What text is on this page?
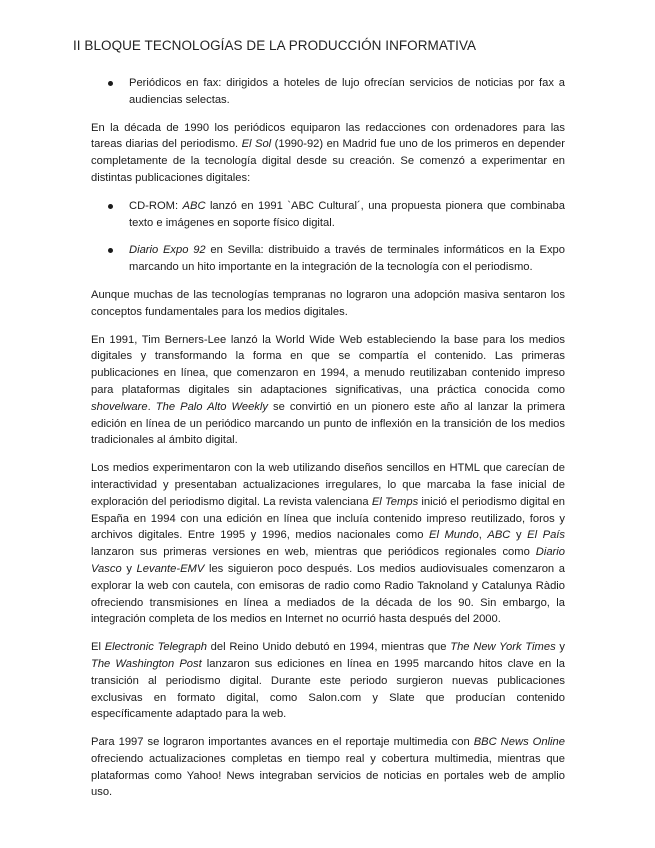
II BLOQUE TECNOLOGÍAS DE LA PRODUCCIÓN INFORMATIVA
Periódicos en fax: dirigidos a hoteles de lujo ofrecían servicios de noticias por fax a audiencias selectas.

En la década de 1990 los periódicos equiparon las redacciones con ordenadores para las tareas diarias del periodismo. El Sol (1990-92) en Madrid fue uno de los primeros en depender completamente de la tecnología digital desde su creación. Se comenzó a experimentar en distintas publicaciones digitales:

CD-ROM: ABC lanzó en 1991 `ABC Cultural´, una propuesta pionera que combinaba texto e imágenes en soporte físico digital.
Diario Expo 92 en Sevilla: distribuido a través de terminales informáticos en la Expo marcando un hito importante en la integración de la tecnología con el periodismo.

Aunque muchas de las tecnologías tempranas no lograron una adopción masiva sentaron los conceptos fundamentales para los medios digitales.

En 1991, Tim Berners-Lee lanzó la World Wide Web estableciendo la base para los medios digitales y transformando la forma en que se compartía el contenido. Las primeras publicaciones en línea, que comenzaron en 1994, a menudo reutilizaban contenido impreso para plataformas digitales sin adaptaciones significativas, una práctica conocida como shovelware. The Palo Alto Weekly se convirtió en un pionero este año al lanzar la primera edición en línea de un periódico marcando un punto de inflexión en la transición de los medios tradicionales al ámbito digital.

Los medios experimentaron con la web utilizando diseños sencillos en HTML que carecían de interactividad y presentaban actualizaciones irregulares, lo que marcaba la fase inicial de exploración del periodismo digital. La revista valenciana El Temps inició el periodismo digital en España en 1994 con una edición en línea que incluía contenido impreso reutilizado, foros y archivos digitales. Entre 1995 y 1996, medios nacionales como El Mundo, ABC y El País lanzaron sus primeras versiones en web, mientras que periódicos regionales como Diario Vasco y Levante-EMV les siguieron poco después. Los medios audiovisuales comenzaron a explorar la web con cautela, con emisoras de radio como Radio Taknoland y Catalunya Ràdio ofreciendo transmisiones en línea a mediados de la década de los 90. Sin embargo, la integración completa de los medios en Internet no ocurrió hasta después del 2000.

El Electronic Telegraph del Reino Unido debutó en 1994, mientras que The New York Times y The Washington Post lanzaron sus ediciones en línea en 1995 marcando hitos clave en la transición al periodismo digital. Durante este periodo surgieron nuevas publicaciones exclusivas en formato digital, como Salon.com y Slate que producían contenido específicamente adaptado para la web.

Para 1997 se lograron importantes avances en el reportaje multimedia con BBC News Online ofreciendo actualizaciones completas en tiempo real y cobertura multimedia, mientras que plataformas como Yahoo! News integraban servicios de noticias en portales web de amplio uso.
